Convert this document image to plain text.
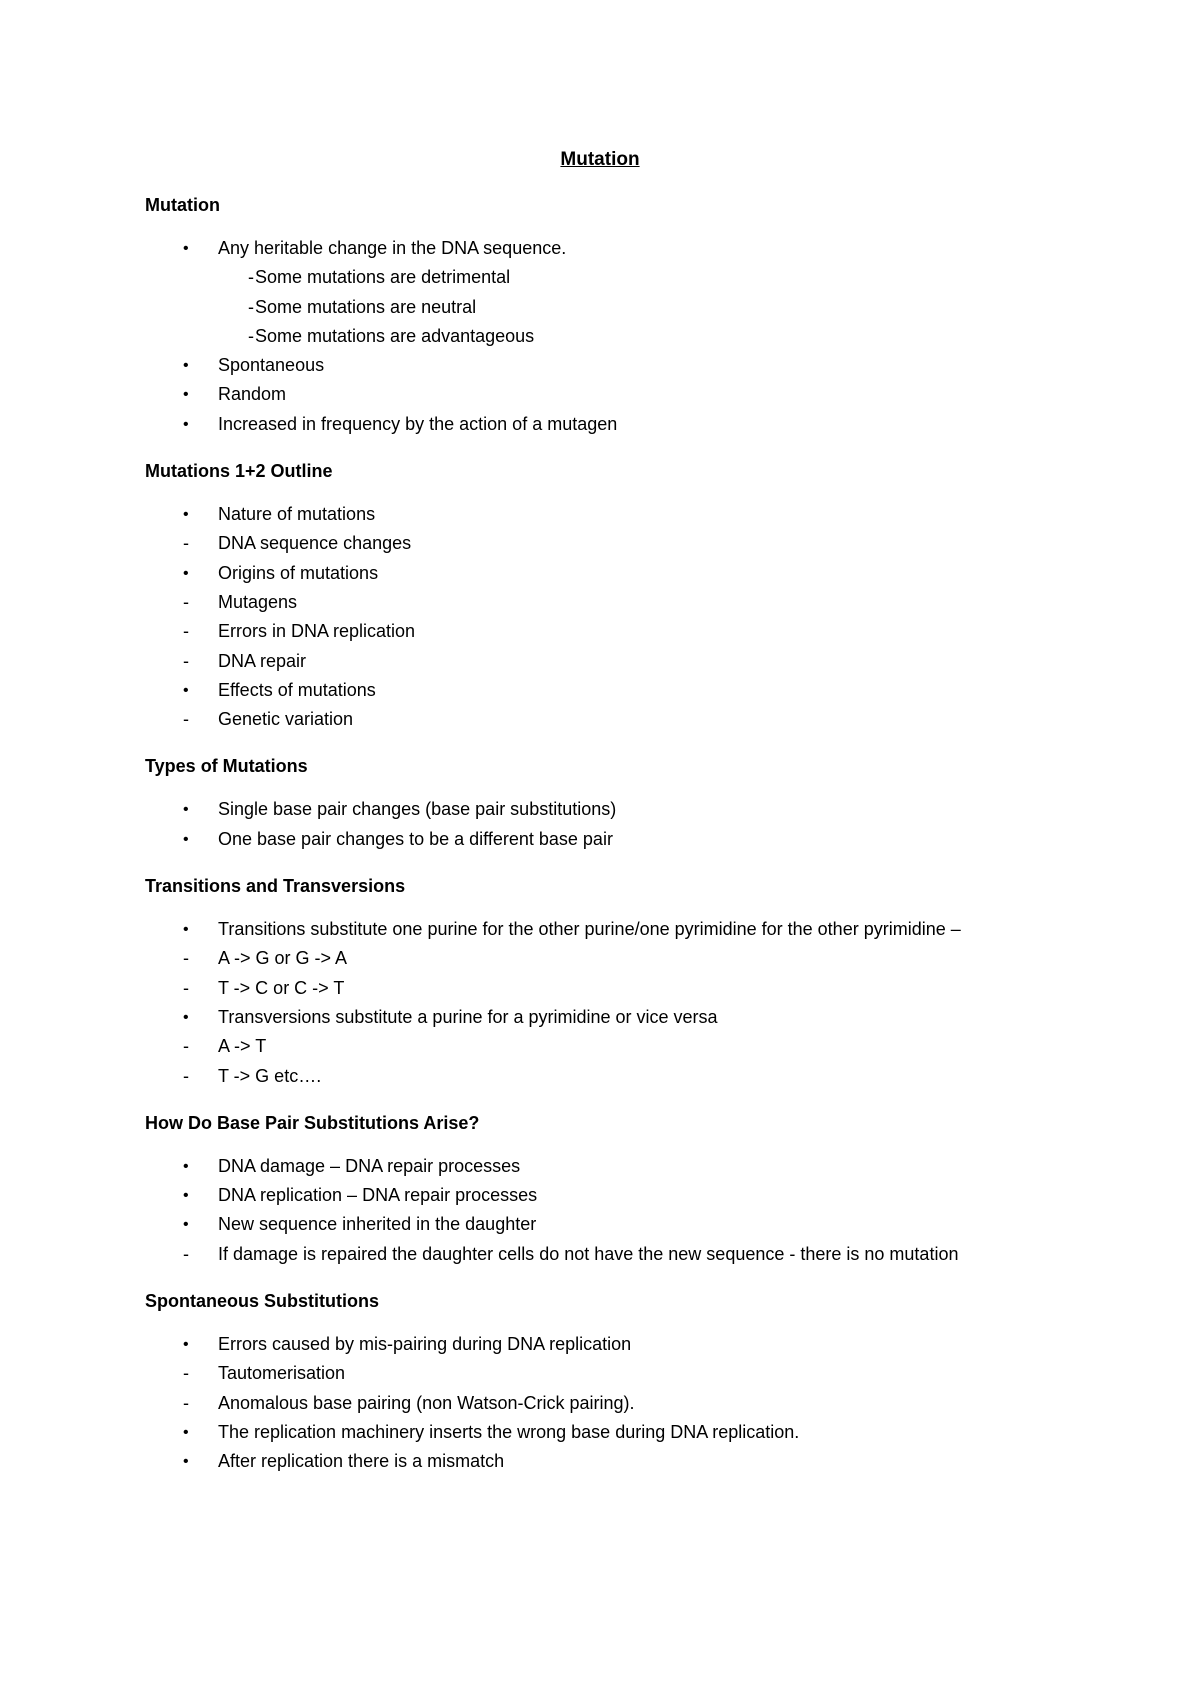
Mutation
Mutation
•	Any heritable change in the DNA sequence.
- Some mutations are detrimental
- Some mutations are neutral
- Some mutations are advantageous
•	Spontaneous
•	Random
•	Increased in frequency by the action of a mutagen
Mutations 1+2 Outline
•	Nature of mutations
-	DNA sequence changes
•	Origins of mutations
-	Mutagens
-	Errors in DNA replication
-	DNA repair
•	Effects of mutations
-	Genetic variation
Types of Mutations
•	Single base pair changes (base pair substitutions)
•	One base pair changes to be a different base pair
Transitions and Transversions
•	Transitions substitute one purine for the other purine/one pyrimidine for the other pyrimidine –
-	A -> G or G -> A
-	T -> C or C -> T
•	Transversions substitute a purine for a pyrimidine or vice versa
-	A -> T
-	T -> G etc….
How Do Base Pair Substitutions Arise?
•	DNA damage – DNA repair processes
•	DNA replication – DNA repair processes
•	New sequence inherited in the daughter
-	If damage is repaired the daughter cells do not have the new sequence - there is no mutation
Spontaneous Substitutions
•	Errors caused by mis-pairing during DNA replication
-	Tautomerisation
-	Anomalous base pairing (non Watson-Crick pairing).
•	The replication machinery inserts the wrong base during DNA replication.
•	After replication there is a mismatch
